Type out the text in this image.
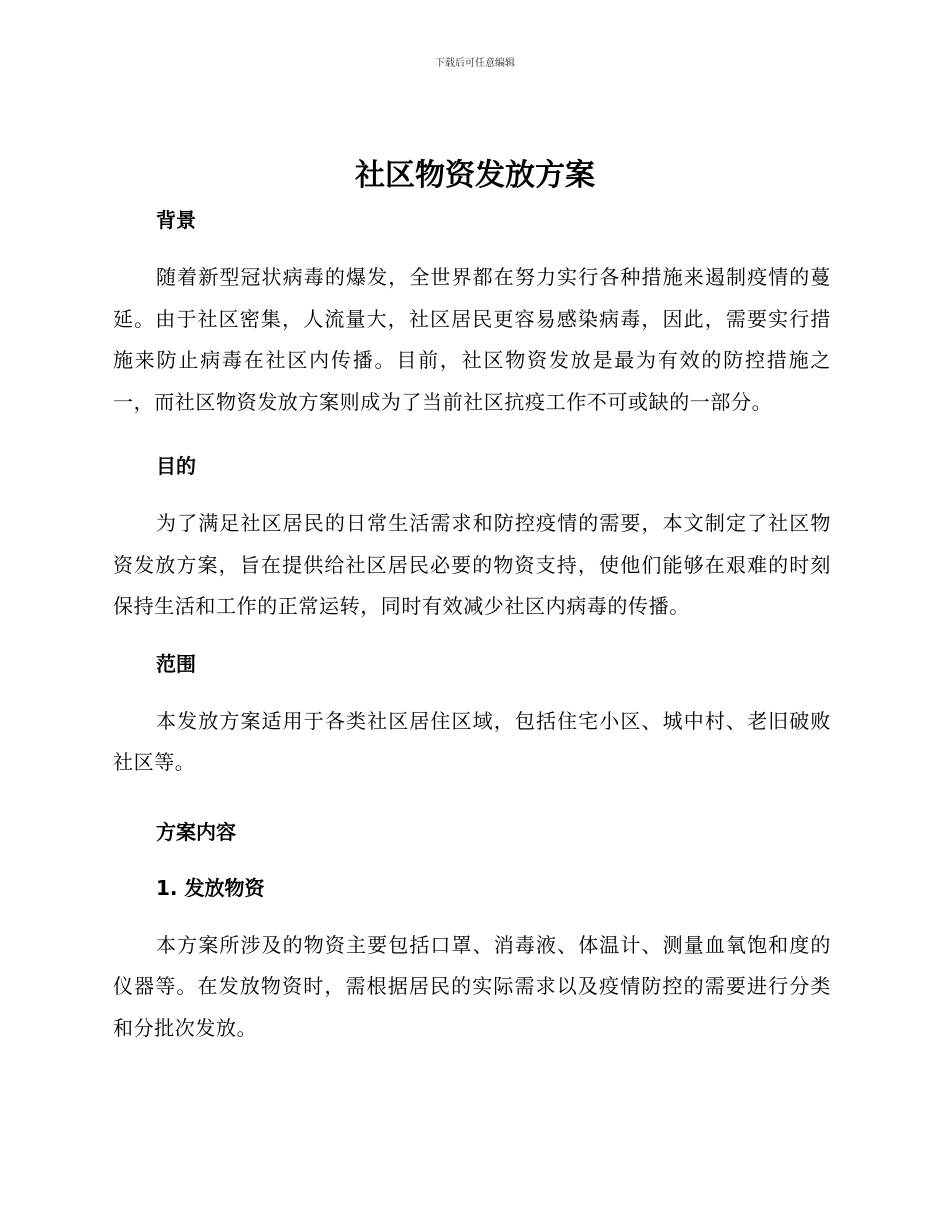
下载后可任意编辑
社区物资发放方案
背景

随着新型冠状病毒的爆发，全世界都在努力实行各种措施来遏制疫情的蔓延。由于社区密集，人流量大，社区居民更容易感染病毒，因此，需要实行措施来防止病毒在社区内传播。目前，社区物资发放是最为有效的防控措施之一，而社区物资发放方案则成为了当前社区抗疫工作不可或缺的一部分。

目的

为了满足社区居民的日常生活需求和防控疫情的需要，本文制定了社区物资发放方案，旨在提供给社区居民必要的物资支持，使他们能够在艰难的时刻保持生活和工作的正常运转，同时有效减少社区内病毒的传播。

范围

本发放方案适用于各类社区居住区域，包括住宅小区、城中村、老旧破败社区等。

方案内容
1. 发放物资

本方案所涉及的物资主要包括口罩、消毒液、体温计、测量血氧饱和度的仪器等。在发放物资时，需根据居民的实际需求以及疫情防控的需要进行分类和分批次发放。
